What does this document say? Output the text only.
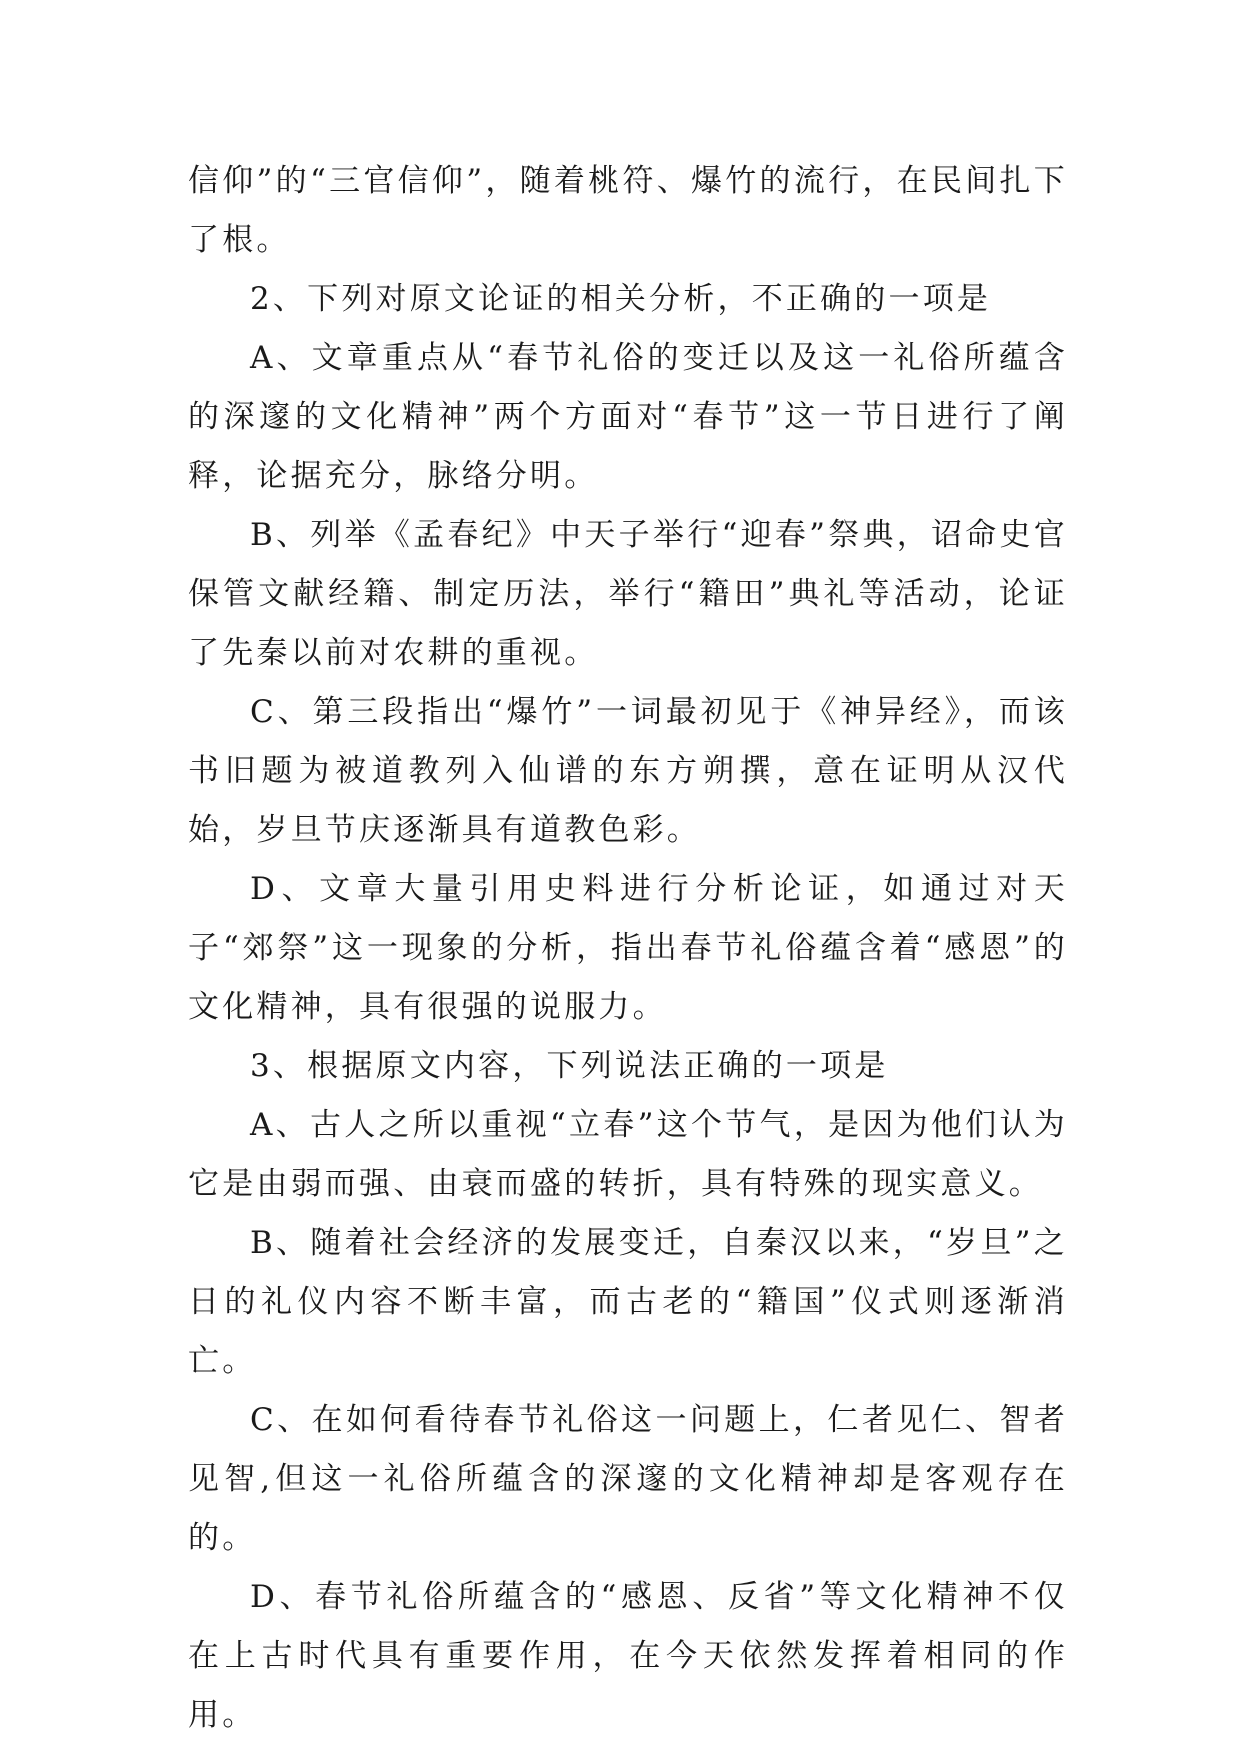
信仰”的“三官信仰”，随着桃符、爆竹的流行，在民间扎下了根。

2、下列对原文论证的相关分析，不正确的一项是

A、文章重点从“春节礼俗的变迁以及这一礼俗所蕴含的深邃的文化精神”两个方面对“春节”这一节日进行了阐释，论据充分，脉络分明。

B、列举《孟春纪》中天子举行“迎春”祭典，诏命史官保管文献经籍、制定历法，举行“籍田”典礼等活动，论证了先秦以前对农耕的重视。

C、第三段指出“爆竹”一词最初见于《神异经》，而该书旧题为被道教列入仙谱的东方朔撰，意在证明从汉代始，岁旦节庆逐渐具有道教色彩。

D、文章大量引用史料进行分析论证，如通过对天子“郊祭”这一现象的分析，指出春节礼俗蕴含着“感恩”的文化精神，具有很强的说服力。

3、根据原文内容，下列说法正确的一项是

A、古人之所以重视“立春”这个节气，是因为他们认为它是由弱而强、由衰而盛的转折，具有特殊的现实意义。

B、随着社会经济的发展变迁，自秦汉以来，“岁旦”之日的礼仪内容不断丰富，而古老的“籍国”仪式则逐渐消亡。

C、在如何看待春节礼俗这一问题上，仁者见仁、智者见智,但这一礼俗所蕴含的深邃的文化精神却是客观存在的。

D、春节礼俗所蕴含的“感恩、反省”等文化精神不仅在上古时代具有重要作用，在今天依然发挥着相同的作用。
